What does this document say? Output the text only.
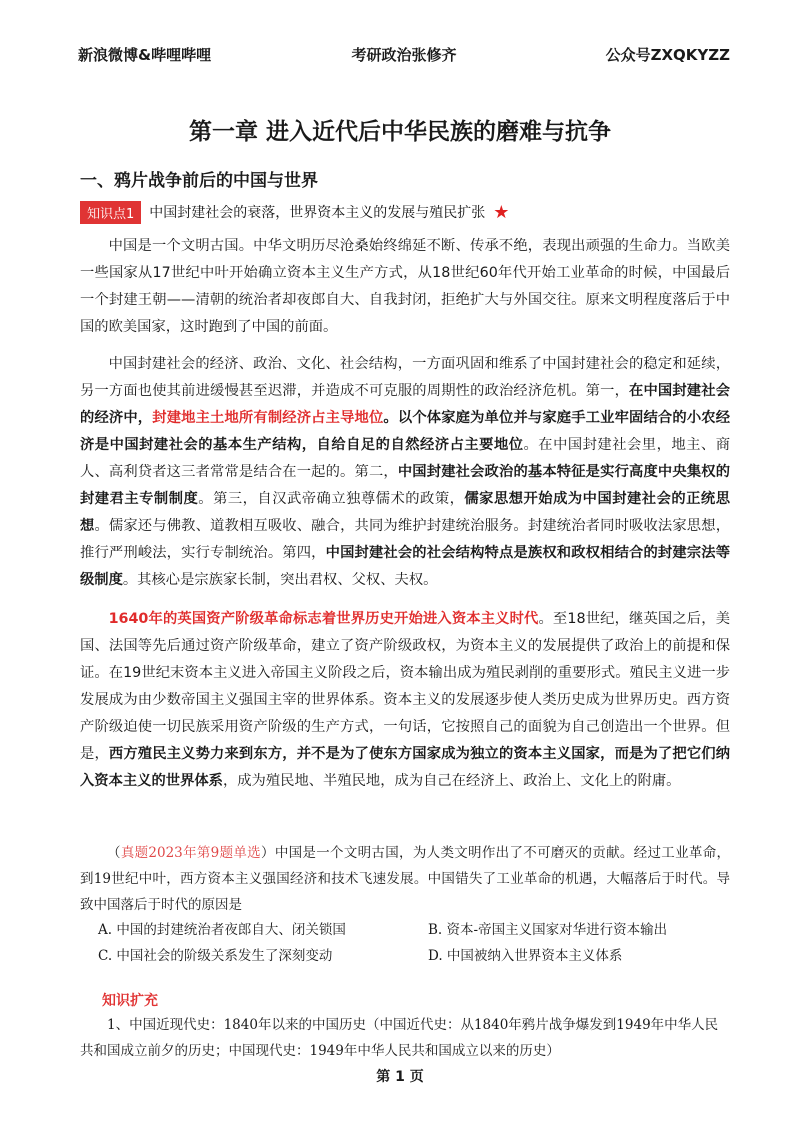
新浪微博&哔哩哔哩	考研政治张修齐	公众号ZXQKYZZ
第一章 进入近代后中华民族的磨难与抗争
一、鸦片战争前后的中国与世界
知识点1	中国封建社会的衰落，世界资本主义的发展与殖民扩张 ★
中国是一个文明古国。中华文明历尽沧桑始终绵延不断、传承不绝，表现出顽强的生命力。当欧美一些国家从17世纪中叶开始确立资本主义生产方式，从18世纪60年代开始工业革命的时候，中国最后一个封建王朝——清朝的统治者却夜郎自大、自我封闭，拒绝扩大与外国交往。原来文明程度落后于中国的欧美国家，这时跑到了中国的前面。
中国封建社会的经济、政治、文化、社会结构，一方面巩固和维系了中国封建社会的稳定和延续，另一方面也使其前进缓慢甚至迟滞，并造成不可克服的周期性的政治经济危机。第一，在中国封建社会的经济中，封建地主土地所有制经济占主导地位。以个体家庭为单位并与家庭手工业牢固结合的小农经济是中国封建社会的基本生产结构，自给自足的自然经济占主要地位。在中国封建社会里，地主、商人、高利贷者这三者常常是结合在一起的。第二，中国封建社会政治的基本特征是实行高度中央集权的封建君主专制制度。第三，自汉武帝确立独尊儒术的政策，儒家思想开始成为中国封建社会的正统思想。儒家还与佛教、道教相互吸收、融合，共同为维护封建统治服务。封建统治者同时吸收法家思想，推行严刑峻法，实行专制统治。第四，中国封建社会的社会结构特点是族权和政权相结合的封建宗法等级制度。其核心是宗族家长制，突出君权、父权、夫权。
1640年的英国资产阶级革命标志着世界历史开始进入资本主义时代。至18世纪，继英国之后，美国、法国等先后通过资产阶级革命，建立了资产阶级政权，为资本主义的发展提供了政治上的前提和保证。在19世纪末资本主义进入帝国主义阶段之后，资本输出成为殖民剥削的重要形式。殖民主义进一步发展成为由少数帝国主义强国主宰的世界体系。资本主义的发展逐步使人类历史成为世界历史。西方资产阶级迫使一切民族采用资产阶级的生产方式，一句话，它按照自己的面貌为自己创造出一个世界。但是，西方殖民主义势力来到东方，并不是为了使东方国家成为独立的资本主义国家，而是为了把它们纳入资本主义的世界体系，成为殖民地、半殖民地，成为自己在经济上、政治上、文化上的附庸。
（真题2023年第9题单选）中国是一个文明古国，为人类文明作出了不可磨灭的贡献。经过工业革命，到19世纪中叶，西方资本主义强国经济和技术飞速发展。中国错失了工业革命的机遇，大幅落后于时代。导致中国落后于时代的原因是
A. 中国的封建统治者夜郎自大、闭关锁国	B. 资本-帝国主义国家对华进行资本输出
C. 中国社会的阶级关系发生了深刻变动	D. 中国被纳入世界资本主义体系
知识扩充
1、中国近现代史：1840年以来的中国历史（中国近代史：从1840年鸦片战争爆发到1949年中华人民共和国成立前夕的历史；中国现代史：1949年中华人民共和国成立以来的历史）
第 1 页
